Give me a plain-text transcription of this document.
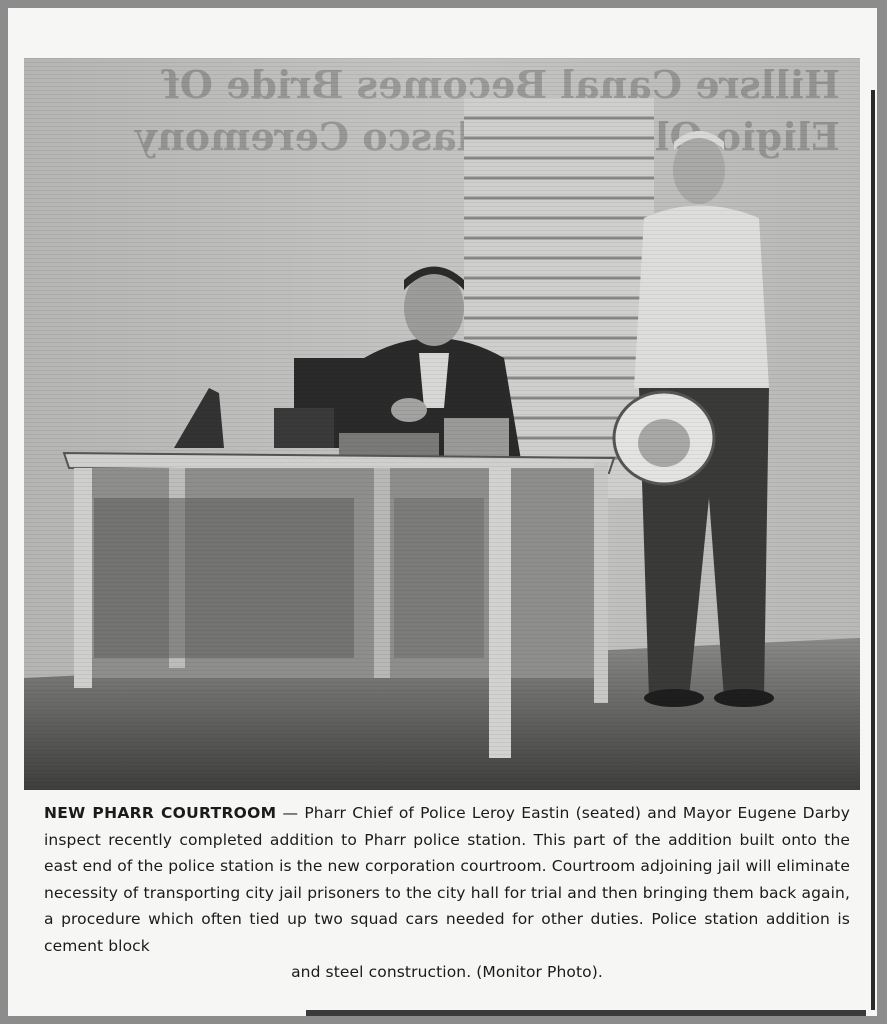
NEW PHARR COURTROOM — Pharr Chief of Police Leroy Eastin (seated) and Mayor Eugene Darby inspect recently completed addition to Pharr police station. This part of the addition built onto the east end of the police station is the new corporation courtroom. Courtroom adjoining jail will eliminate necessity of transporting city jail prisoners to the city hall for trial and then bringing them back again, a procedure which often tied up two squad cars needed for other duties. Police station addition is cement block
and steel construction. (Monitor Photo).
